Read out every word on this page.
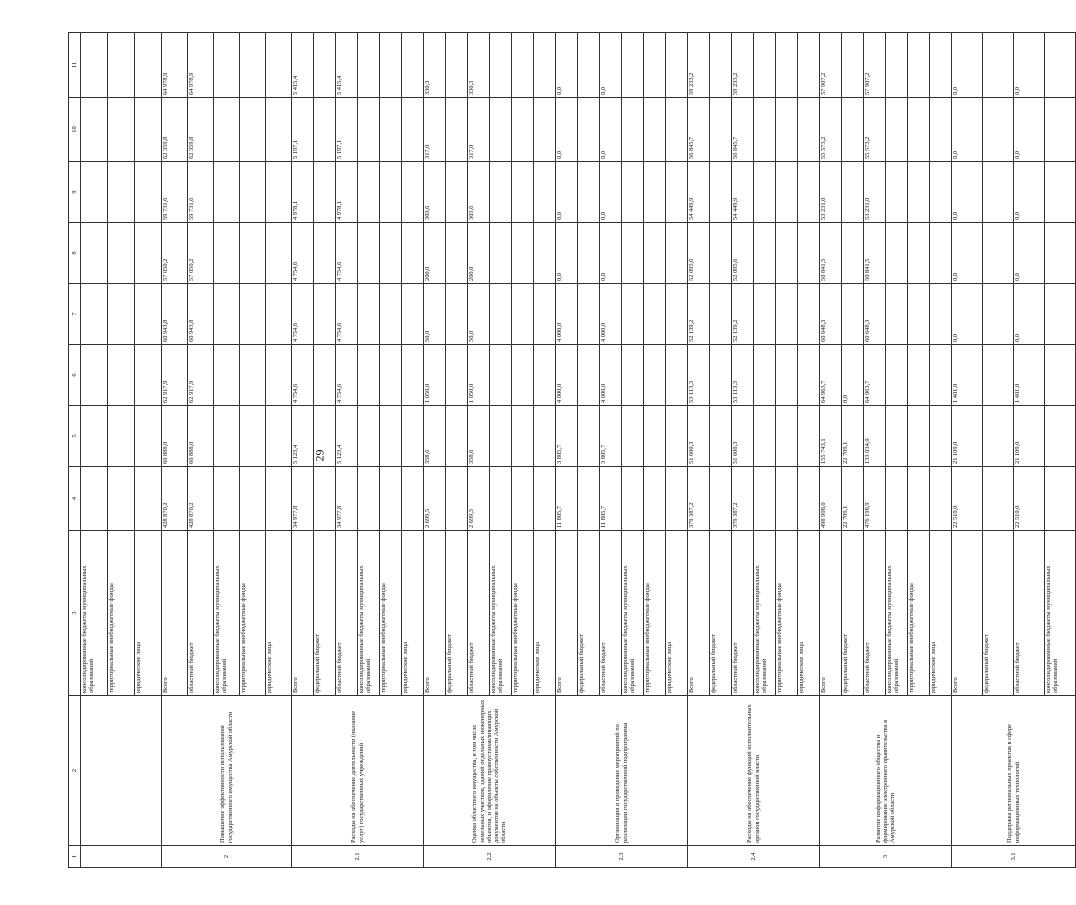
29
1	2	3	4	5	6	7	8	9	10	11
		консолидированные бюджеты муниципальных образований								
		территориальные внебюджетные фонды								
		юридические лица								
2	Повышение эффективности использования государственного имущества Амурской области	Всего	428 870,2	60 888,0	62 917,9	60 943,8	57 050,2	59 731,6	62 359,8	64 978,9
		областной бюджет	428 870,2	60 888,0	62 917,9	60 943,8	57 050,2	59 731,6	62 359,8	64 978,9
		консолидированные бюджеты муниципальных образований								
		территориальные внебюджетные фонды								
		юридические лица								
2.1	Расходы на обеспечение деятельности (оказание услуг) государственных учреждений	Всего	34 977,8	5 123,4	4 754,6	4 754,6	4 754,6	4 978,1	5 197,1	5 415,4
		федеральный бюджет								
		областной бюджет	34 977,8	5 123,4	4 754,6	4 754,6	4 754,6	4 978,1	5 197,1	5 415,4
		консолидированные бюджеты муниципальных образований								
		территориальные внебюджетные фонды								
		юридические лица								
2.2	Оценка областного имущества, в том числе земельных участков, зданий отдельных инженерных объектов, и оформление правоустанавливающих документов на объекты собственности Амурской области	Всего	2 699,5	358,6	1 050,0	50,0	200,0	303,6	317,0	330,3
		федеральный бюджет								
		областной бюджет	2 699,5	358,6	1 050,0	50,0	200,0	303,6	317,0	330,3
		консолидированные бюджеты муниципальных образований								
		территориальные внебюджетные фонды								
		юридические лица								
2.3	Организация и проведение мероприятий по реализации государственной подпрограммы	Всего	11 805,7	3 805,7	4 000,0	4 000,0	0,0	0,0	0,0	0,0
		федеральный бюджет								
		областной бюджет	11 805,7	3 805,7	4 000,0	4 000,0	0,0	0,0	0,0	0,0
		консолидированные бюджеты муниципальных образований								
		территориальные внебюджетные фонды								
		юридические лица								
2.4	Расходы на обеспечение функций исполнительных органов государственной власти	Всего	379 387,2	51 600,3	53 113,3	52 139,2	52 095,6	54 449,9	56 845,7	59 233,2
		федеральный бюджет								
		областной бюджет	379 387,2	51 600,3	53 113,3	52 139,2	52 095,6	54 449,9	56 845,7	59 233,2
		консолидированные бюджеты муниципальных образований								
		территориальные внебюджетные фонды								
		юридические лица								
3	Развитие информационного общества и формирование электронного правительства в Амурской области	Всего	498 908,0	155 743,1	64 963,7	60 648,3	50 841,5	53 231,0	55 573,2	57 907,2
		федеральный бюджет	22 709,1	22 709,1	0,0					
		областной бюджет	476 198,9	133 034,0	64 963,7	60 648,3	50 841,5	53 231,0	55 573,2	57 907,2
		консолидированные бюджеты муниципальных образований								
		территориальные внебюджетные фонды								
		юридические лица								
3.1	Поддержка региональных проектов в сфере информационных технологий	Всего	22 510,0	21 109,0	1 401,0	0,0	0,0	0,0	0,0	0,0
		федеральный бюджет								
		областной бюджет	22 510,0	21 109,0	1 401,0	0,0	0,0	0,0	0,0	0,0
		консолидированные бюджеты муниципальных образований								
